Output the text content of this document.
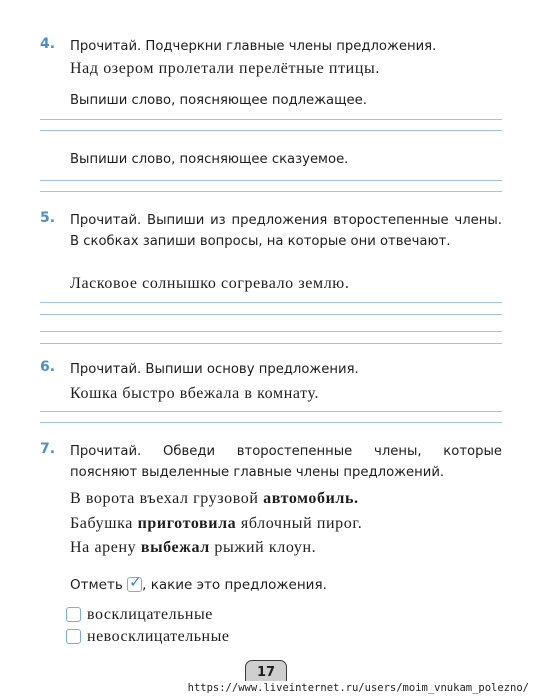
4. Прочитай. Подчеркни главные члены предложения.
Над озером пролетали перелётные птицы.
Выпиши слово, поясняющее подлежащее.
Выпиши слово, поясняющее сказуемое.
5. Прочитай. Выпиши из предложения второстепенные члены. В скобках запиши вопросы, на которые они отвечают.
Ласковое солнышко согревало землю.
6. Прочитай. Выпиши основу предложения.
Кошка быстро вбежала в комнату.
7. Прочитай. Обведи второстепенные члены, которые поясняют выделенные главные члены предложений.
В ворота въехал грузовой автомобиль.
Бабушка приготовила яблочный пирог.
На арену выбежал рыжий клоун.
Отметь ✓ , какие это предложения.
восклицательные
невосклицательные
17
https://www.liveinternet.ru/users/moim_vnukam_polezno/
